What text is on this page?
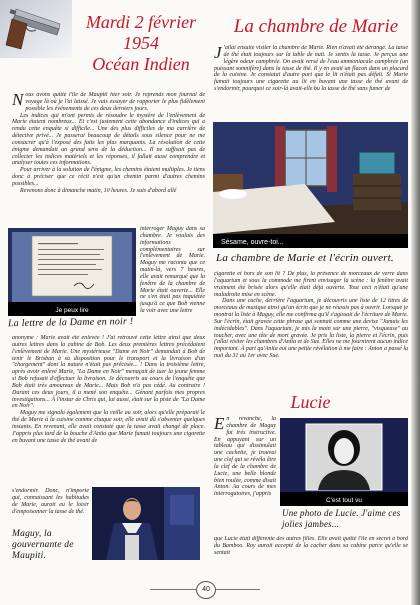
Mardi 2 février
1954
Océan Indien
La chambre de Marie

Nous avons quitté l'île de Maupiti hier soir. Je reprends mon journal de voyage là où je l'ai laissé. Je vais essayer de rapporter le plus fidèlement possible les événements de ces deux derniers jours.

Les indices qui m'ont permis de résoudre le mystère de l'enlèvement de Marie étaient nombreux... Et c'est justement cette abondance d'indices qui a rendu cette enquête si difficile... Une des plus difficiles de ma carrière de détective privé... Je passerai beaucoup de détails sous silence pour ne me consacrer qu'à l'exposé des faits les plus marquants. La résolution de cette énigme demandait un grand sens de la déduction... Il ne suffisait pas de collecter les indices matériels et les réponses, il fallait aussi comprendre et analyser toutes ces informations.

Pour arriver à la solution de l'énigme, les chemins étaient multiples. Je tiens donc à préciser que ce récit n'est qu'un chemin parmi d'autres chemins possibles...

Revenons donc à dimanche matin, 10 heures. Je suis d'abord allé

Je peux lire
La lettre de la Dame en noir !

interroger Maguy dans sa chambre. Je voulais des informations complémentaires sur l'enlèvement de Marie. Maguy me raconta que ce matin-là, vers 7 heures, elle avait remarqué que la fenêtre de la chambre de Marie était ouverte... Elle ne s'en était pas inquiétée jusqu'à ce que Bob vienne la voir avec une lettre

anonyme : Marie avait été enlevée ! J'ai retrouvé cette lettre ainsi que deux autres lettres dans la cabine de Bob. Les deux premières lettres précédaient l'enlèvement de Marie. Une mystérieuse "Dame en Noir" demandait à Bob de tenir le Brisban à sa disposition pour le transport et la livraison d'un "chargement" dont la nature n'était pas précisée... ! Dans la troisième lettre, après avoir enlevé Marie, "La Dame en Noir" menaçait de tuer la jeune femme si Bob refusait d'effectuer la livraison. Je découvris au cours de l'enquête que Bob était très amoureux de Marie... Mais Bob n'a pas cédé. Au contraire ! Durant ces deux jours, il a mené son enquête... Gênant parfois mes propres investigations... À l'instar de Chris qui, lui aussi, était sur la piste de "La Dame en Noir".

Maguy me signala également que la veille au soir, alors qu'elle préparait le thé de Marie à la cuisine comme chaque soir, elle avait dû s'absenter quelques instants. En revenant, elle avait constaté que la tasse avait changé de place. J'appris plus tard de la bouche d'Anita que Marie fumait toujours une cigarette en buvant une tasse de thé avant de

s'endormir. Donc, n'importe qui, connaissant les habitudes de Marie, aurait eu le loisir d'empoisonner la tasse de thé.

Maguy, la gouvernante de Maupiti.

J 'allai ensuite visiter la chambre de Marie. Rien n'avait été dérangé. La tasse de thé était toujours sur la table de nuit. Je sentis la tasse. Je perçus une légère odeur camphrée. On avait versé de l'eau ammoniacale camphrée (un puissant somnifère) dans la tasse de thé. Il y en avait un flacon dans un placard de la cuisine. Je constatai d'autre part que le lit n'était pas défait. Si Marie fumait toujours une cigarette au lit en buvant une tasse de thé avant de s'endormir, pourquoi ce soir-là avait-elle bu la tasse de thé sans fumer de

Sésame, ouvre-toi...
La chambre de Marie et l'écrin ouvert.

cigarette et hors de son lit ? De plus, la présence de morceaux de verre dans l'aquarium et sous la commode me firent envisager la scène : la fenêtre avait vraiment été brisée alors qu'elle était déjà ouverte. Tout ceci n'était qu'une maladroite mise en scène.

Dans une cache, derrière l'aquarium, je découvris une liste de 12 titres de morceaux de musique ainsi qu'un écrin que je ne réussis pas à ouvrir. Lorsque je montrai la liste à Maguy, elle me confirma qu'il s'agissait de l'écriture de Marie. Sur l'écrin, était gravée cette phrase qui sonnait comme une devise "Jamais les indécidables". Dans l'aquarium, je mis la main sur une pierre, "visqueuse" au toucher, avec une tête de mort gravée. Je pris la liste, la pierre et l'écrin, puis j'allai visiter les chambres d'Anita et de Sue. Elles ne me fournirent aucun indice important. À part qu'Anita eut une petite révélation à me faire : Anton a passé la nuit du 31 au 1er avec Sue.

Lucie

En revanche, la chambre de Maguy fut très instructive. En appuyant sur un tableau qui dissimulait une cachette, je trouvai une clef qui se révéla être la clef de la chambre de Lucie, une belle blonde bien roulée, comme disait Anton. Au cours de mes interrogatoires, j'appris

C'est tout vu
Une photo de Lucie. J'aime ces jolies jambes...

que Lucie était différente des autres filles. Elle avait quitté l'île en secret à bord du Bamboo. Roy aurait accepté de la cacher dans sa cabine parce qu'elle se sentait

40
